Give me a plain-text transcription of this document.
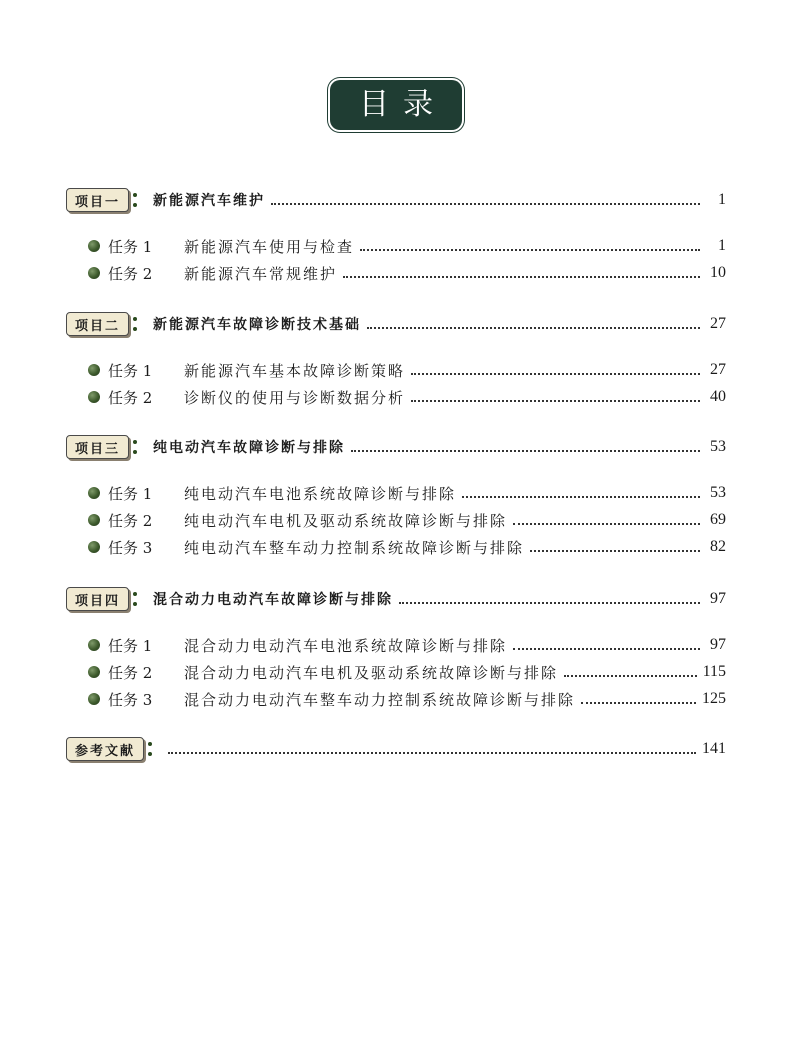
目录
项目一	新能源汽车维护	1
任务 1	新能源汽车使用与检查	1
任务 2	新能源汽车常规维护	10
项目二	新能源汽车故障诊断技术基础	27
任务 1	新能源汽车基本故障诊断策略	27
任务 2	诊断仪的使用与诊断数据分析	40
项目三	纯电动汽车故障诊断与排除	53
任务 1	纯电动汽车电池系统故障诊断与排除	53
任务 2	纯电动汽车电机及驱动系统故障诊断与排除	69
任务 3	纯电动汽车整车动力控制系统故障诊断与排除	82
项目四	混合动力电动汽车故障诊断与排除	97
任务 1	混合动力电动汽车电池系统故障诊断与排除	97
任务 2	混合动力电动汽车电机及驱动系统故障诊断与排除	115
任务 3	混合动力电动汽车整车动力控制系统故障诊断与排除	125
参考文献	141
